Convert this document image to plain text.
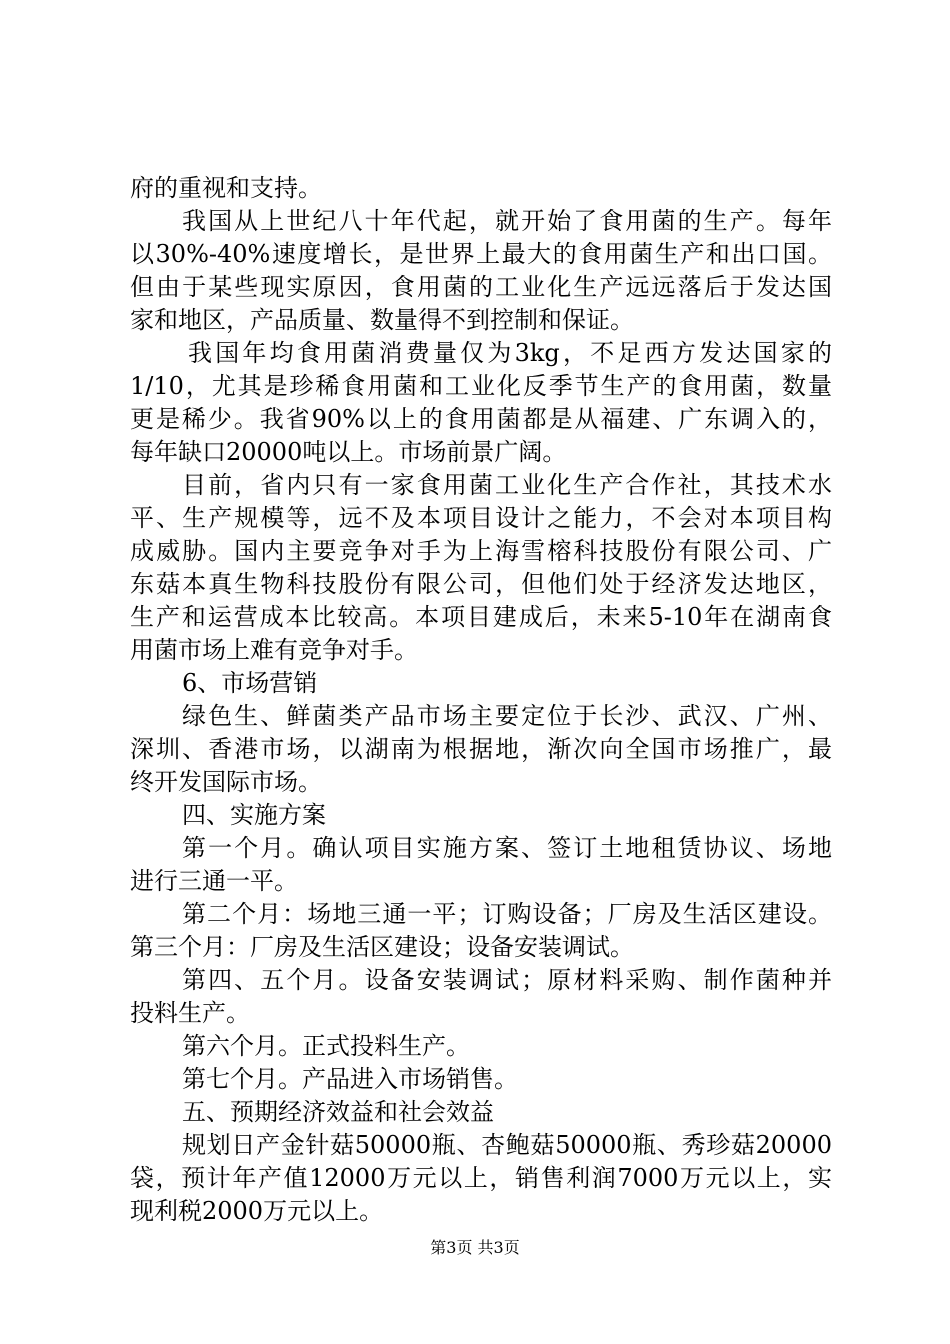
府的重视和支持。
我国从上世纪八十年代起，就开始了食用菌的生产。每年
以30%-40%速度增长，是世界上最大的食用菌生产和出口国。
但由于某些现实原因，食用菌的工业化生产远远落后于发达国
家和地区，产品质量、数量得不到控制和保证。
我国年均食用菌消费量仅为3kg，不足西方发达国家的
1/10，尤其是珍稀食用菌和工业化反季节生产的食用菌，数量
更是稀少。我省90%以上的食用菌都是从福建、广东调入的，
每年缺口20000吨以上。市场前景广阔。
目前，省内只有一家食用菌工业化生产合作社，其技术水
平、生产规模等，远不及本项目设计之能力，不会对本项目构
成威胁。国内主要竞争对手为上海雪榕科技股份有限公司、广
东菇本真生物科技股份有限公司，但他们处于经济发达地区，
生产和运营成本比较高。本项目建成后，未来5-10年在湖南食
用菌市场上难有竞争对手。
6、市场营销
绿色生、鲜菌类产品市场主要定位于长沙、武汉、广州、
深圳、香港市场，以湖南为根据地，渐次向全国市场推广，最
终开发国际市场。
四、实施方案
第一个月。确认项目实施方案、签订土地租赁协议、场地
进行三通一平。
第二个月：场地三通一平；订购设备；厂房及生活区建设。
第三个月：厂房及生活区建设；设备安装调试。
第四、五个月。设备安装调试；原材料采购、制作菌种并
投料生产。
第六个月。正式投料生产。
第七个月。产品进入市场销售。
五、预期经济效益和社会效益
规划日产金针菇50000瓶、杏鲍菇50000瓶、秀珍菇20000
袋，预计年产值12000万元以上，销售利润7000万元以上，实
现利税2000万元以上。
第3页 共3页
